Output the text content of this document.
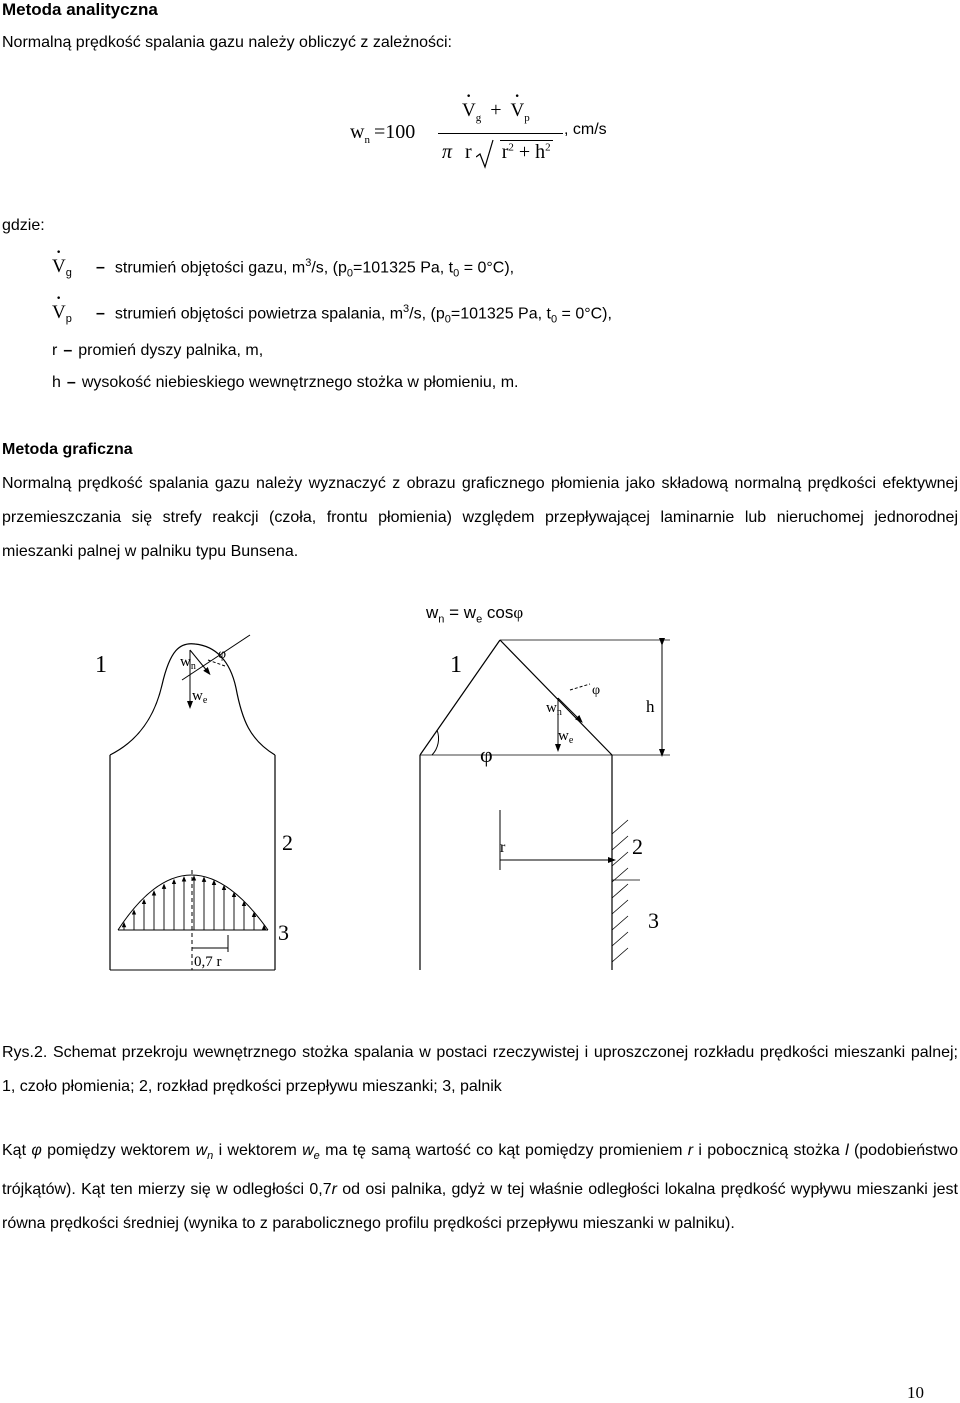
Metoda analityczna
Normalną prędkość spalania gazu należy obliczyć z zależności:
$w_n =100$
· $V_g$ + · $V_p$
π r $r^2 + h^2$
, cm/s
gdzie:
· $V_g$	– strumień objętości gazu, $m^3/s$, ($p_0=101325$ Pa, $t_0 = 0^\circ C$),
· $V_p$	– strumień objętości powietrza spalania, $m^3/s$, ($p_0=101325$ Pa, $t_0 = 0^\circ C$),
r – promień dyszy palnika, m,
h – wysokość niebieskiego wewnętrznego stożka w płomieniu, m.
Metoda graficzna
Normalną prędkość spalania gazu należy wyznaczyć z obrazu graficznego płomienia jako składową normalną prędkości efektywnej przemieszczania się strefy reakcji (czoła, frontu płomienia) względem przepływającej laminarnie lub nieruchomej jednorodnej mieszanki palnej w palniku typu Bunsena.
$w_n = w_e$ cosφ
1
2
3
$w_n$
$w_e$
φ
0,7 r
1
2
3
$w_n$
$w_e$
φ
φ
h
r
Rys.2. Schemat przekroju wewnętrznego stożka spalania w postaci rzeczywistej i uproszczonej rozkładu prędkości mieszanki palnej; 1, czoło płomienia; 2, rozkład prędkości przepływu mieszanki; 3, palnik
Kąt φ pomiędzy wektorem $w_n$ i wektorem $w_e$ ma tę samą wartość co kąt pomiędzy promieniem r i pobocznicą stożka l (podobieństwo trójkątów). Kąt ten mierzy się w odległości 0,7r od osi palnika, gdyż w tej właśnie odległości lokalna prędkość wypływu mieszanki jest równa prędkości średniej (wynika to z parabolicznego profilu prędkości przepływu mieszanki w palniku).
10
